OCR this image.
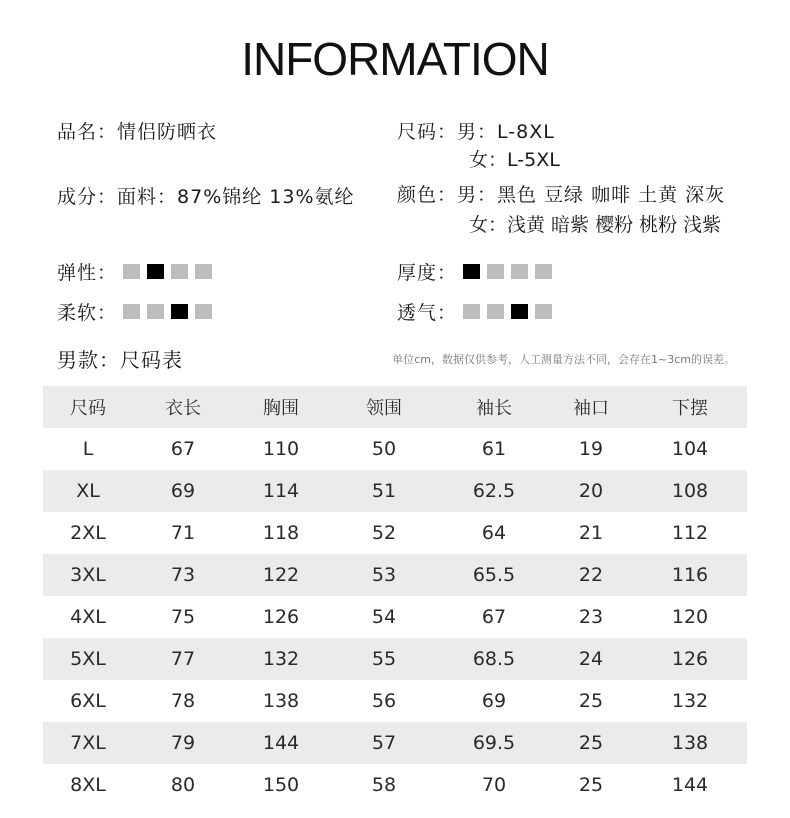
INFORMATION
品名：情侣防晒衣	尺码：男：L-8XL
女：L-5XL
成分：面料：87%锦纶 13%氨纶 颜色：男：黑色 豆绿 咖啡 土黄 深灰
女：浅黄 暗紫 樱粉 桃粉 浅紫
弹性：	厚度：
柔软：	透气：
男款：尺码表	单位cm，数据仅供参考，人工测量方法不同，会存在1~3cm的误差。
尺码	衣长	胸围	领围	袖长	袖口	下摆
L	67	110	50	61	19	104
XL	69	114	51	62.5	20	108
2XL	71	118	52	64	21	112
3XL	73	122	53	65.5	22	116
4XL	75	126	54	67	23	120
5XL	77	132	55	68.5	24	126
6XL	78	138	56	69	25	132
7XL	79	144	57	69.5	25	138
8XL	80	150	58	70	25	144
